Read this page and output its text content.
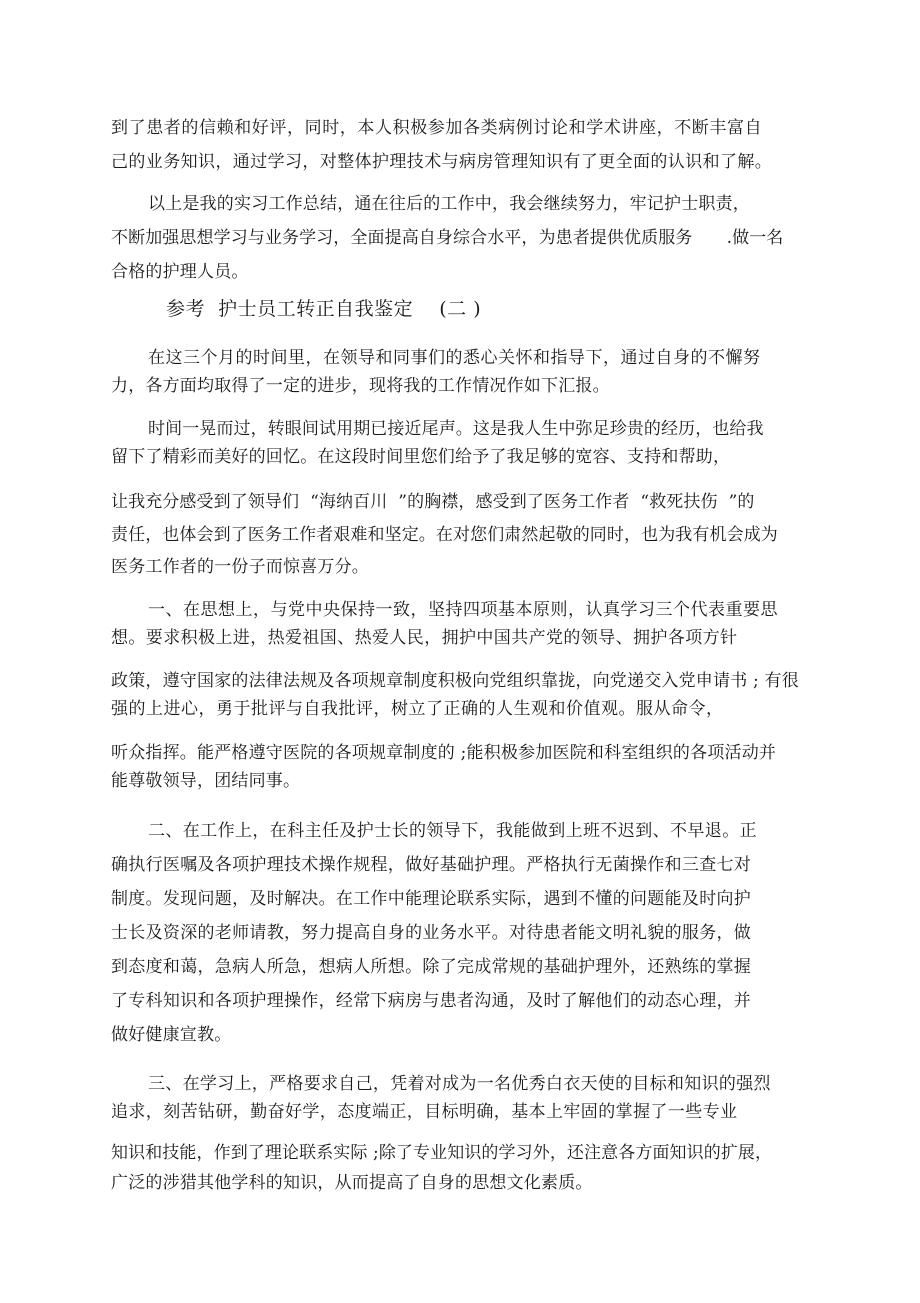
到了患者的信赖和好评，同时，本人积极参加各类病例讨论和学术讲座，不断丰富自
己的业务知识，通过学习，对整体护理技术与病房管理知识有了更全面的认识和了解。
以上是我的实习工作总结，通在往后的工作中，我会继续努力，牢记护士职责，
不断加强思想学习与业务学习，全面提高自身综合水平，为患者提供优质服务　　.做一名
合格的护理人员。
参考  护士员工转正自我鉴定    (二 )
在这三个月的时间里，在领导和同事们的悉心关怀和指导下，通过自身的不懈努
力，各方面均取得了一定的进步，现将我的工作情况作如下汇报。
时间一晃而过，转眼间试用期已接近尾声。这是我人生中弥足珍贵的经历，也给我
留下了精彩而美好的回忆。在这段时间里您们给予了我足够的宽容、支持和帮助，
让我充分感受到了领导们  “海纳百川  ”的胸襟，感受到了医务工作者  “救死扶伤  ”的
责任，也体会到了医务工作者艰难和坚定。在对您们肃然起敬的同时，也为我有机会成为
医务工作者的一份子而惊喜万分。
一、在思想上，与党中央保持一致，坚持四项基本原则，认真学习三个代表重要思
想。要求积极上进，热爱祖国、热爱人民，拥护中国共产党的领导、拥护各项方针
政策，遵守国家的法律法规及各项规章制度积极向党组织靠拢，向党递交入党申请书 ; 有很
强的上进心，勇于批评与自我批评，树立了正确的人生观和价值观。服从命令，
听众指挥。能严格遵守医院的各项规章制度的 ;能积极参加医院和科室组织的各项活动并
能尊敬领导，团结同事。
二、在工作上，在科主任及护士长的领导下，我能做到上班不迟到、不早退。正
确执行医嘱及各项护理技术操作规程，做好基础护理。严格执行无菌操作和三查七对
制度。发现问题，及时解决。在工作中能理论联系实际，遇到不懂的问题能及时向护
士长及资深的老师请教，努力提高自身的业务水平。对待患者能文明礼貌的服务，做
到态度和蔼，急病人所急，想病人所想。除了完成常规的基础护理外，还熟练的掌握
了专科知识和各项护理操作，经常下病房与患者沟通，及时了解他们的动态心理，并
做好健康宣教。
三、在学习上，严格要求自己，凭着对成为一名优秀白衣天使的目标和知识的强烈
追求，刻苦钻研，勤奋好学，态度端正，目标明确，基本上牢固的掌握了一些专业
知识和技能，作到了理论联系实际 ;除了专业知识的学习外，还注意各方面知识的扩展，
广泛的涉猎其他学科的知识，从而提高了自身的思想文化素质。
